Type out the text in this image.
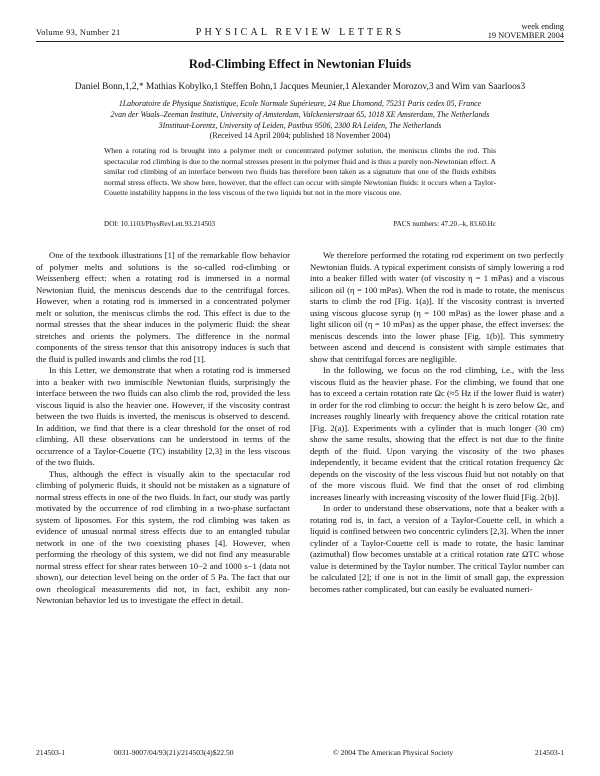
Volume 93, Number 21	PHYSICAL REVIEW LETTERS
week ending
19 NOVEMBER 2004
Rod-Climbing Effect in Newtonian Fluids
Daniel Bonn,1,2,* Mathias Kobylko,1 Steffen Bohn,1 Jacques Meunier,1 Alexander Morozov,3 and Wim van Saarloos3
1Laboratoire de Physique Statistique, Ecole Normale Supérieure, 24 Rue Lhomond, 75231 Paris cedex 05, France
2van der Waals–Zeeman Institute, University of Amsterdam, Valckenierstraat 65, 1018 XE Amsterdam, The Netherlands
3Instituut-Lorentz, University of Leiden, Postbus 9506, 2300 RA Leiden, The Netherlands
(Received 14 April 2004; published 18 November 2004)
When a rotating rod is brought into a polymer melt or concentrated polymer solution, the meniscus climbs the rod. This spectacular rod climbing is due to the normal stresses present in the polymer fluid and is thus a purely non-Newtonian effect. A similar rod climbing of an interface between two fluids has therefore been taken as a signature that one of the fluids exhibits normal stress effects. We show here, however, that the effect can occur with simple Newtonian fluids: it occurs when a Taylor-Couette instability happens in the less viscous of the two liquids but not in the more viscous one.
DOI: 10.1103/PhysRevLett.93.214503	PACS numbers: 47.20.–k, 83.60.Hc

One of the textbook illustrations [1] of the remarkable flow behavior of polymer melts and solutions is the so-called rod-climbing or Weissenberg effect: when a rotating rod is immersed in a normal Newtonian fluid, the meniscus descends due to the centrifugal forces. However, when a rotating rod is immersed in a concentrated polymer melt or solution, the meniscus climbs the rod. This effect is due to the normal stresses that the shear induces in the polymeric fluid: the shear stretches and orients the polymers. The difference in the normal components of the stress tensor that this anisotropy induces is such that the fluid is pulled inwards and climbs the rod [1].

In this Letter, we demonstrate that when a rotating rod is immersed into a beaker with two immiscible Newtonian fluids, surprisingly the interface between the two fluids can also climb the rod, provided the less viscous liquid is also the heavier one. However, if the viscosity contrast between the two fluids is inverted, the meniscus is observed to descend. In addition, we find that there is a clear threshold for the onset of rod climbing. All these observations can be understood in terms of the occurrence of a Taylor-Couette (TC) instability [2,3] in the less viscous of the two fluids.

Thus, although the effect is visually akin to the spectacular rod climbing of polymeric fluids, it should not be mistaken as a signature of normal stress effects in one of the two fluids. In fact, our study was partly motivated by the occurrence of rod climbing in a two-phase surfactant system of liposomes. For this system, the rod climbing was taken as evidence of unusual normal stress effects due to an entangled tubular network in one of the two coexisting phases [4]. However, when performing the rheology of this system, we did not find any measurable normal stress effect for shear rates between 10−2 and 1000 s−1 (data not shown), our detection level being on the order of 5 Pa. The fact that our own rheological measurements did not, in fact, exhibit any non-Newtonian behavior led us to investigate the effect in detail.

We therefore performed the rotating rod experiment on two perfectly Newtonian fluids. A typical experiment consists of simply lowering a rod into a beaker filled with water (of viscosity η = 1 mPas) and a viscous silicon oil (η = 100 mPas). When the rod is made to rotate, the meniscus starts to climb the rod [Fig. 1(a)]. If the viscosity contrast is inverted using viscous glucose syrup (η = 100 mPas) as the lower phase and a light silicon oil (η = 10 mPas) as the upper phase, the effect inverses: the meniscus descends into the lower phase [Fig. 1(b)]. This symmetry between ascend and descend is consistent with simple estimates that show that centrifugal forces are negligible.

In the following, we focus on the rod climbing, i.e., with the less viscous fluid as the heavier phase. For the climbing, we found that one has to exceed a certain rotation rate Ωc (≈5 Hz if the lower fluid is water) in order for the rod climbing to occur: the height h is zero below Ωc, and increases roughly linearly with frequency above the critical rotation rate [Fig. 2(a)]. Experiments with a cylinder that is much longer (30 cm) show the same results, showing that the effect is not due to the finite depth of the fluid. Upon varying the viscosity of the two phases independently, it became evident that the critical rotation frequency Ωc depends on the viscosity of the less viscous fluid but not notably on that of the more viscous fluid. We find that the onset of rod climbing increases linearly with increasing viscosity of the lower fluid [Fig. 2(b)].

In order to understand these observations, note that a beaker with a rotating rod is, in fact, a version of a Taylor-Couette cell, in which a liquid is confined between two concentric cylinders [2,3]. When the inner cylinder of a Taylor-Couette cell is made to rotate, the basic laminar (azimuthal) flow becomes unstable at a critical rotation rate ΩTC whose value is determined by the Taylor number. The critical Taylor number can be calculated [2]; if one is not in the limit of small gap, the expression becomes rather complicated, but can easily be evaluated numeri-

214503-1	0031-9007/04/93(21)/214503(4)$22.50	© 2004 The American Physical Society	214503-1
